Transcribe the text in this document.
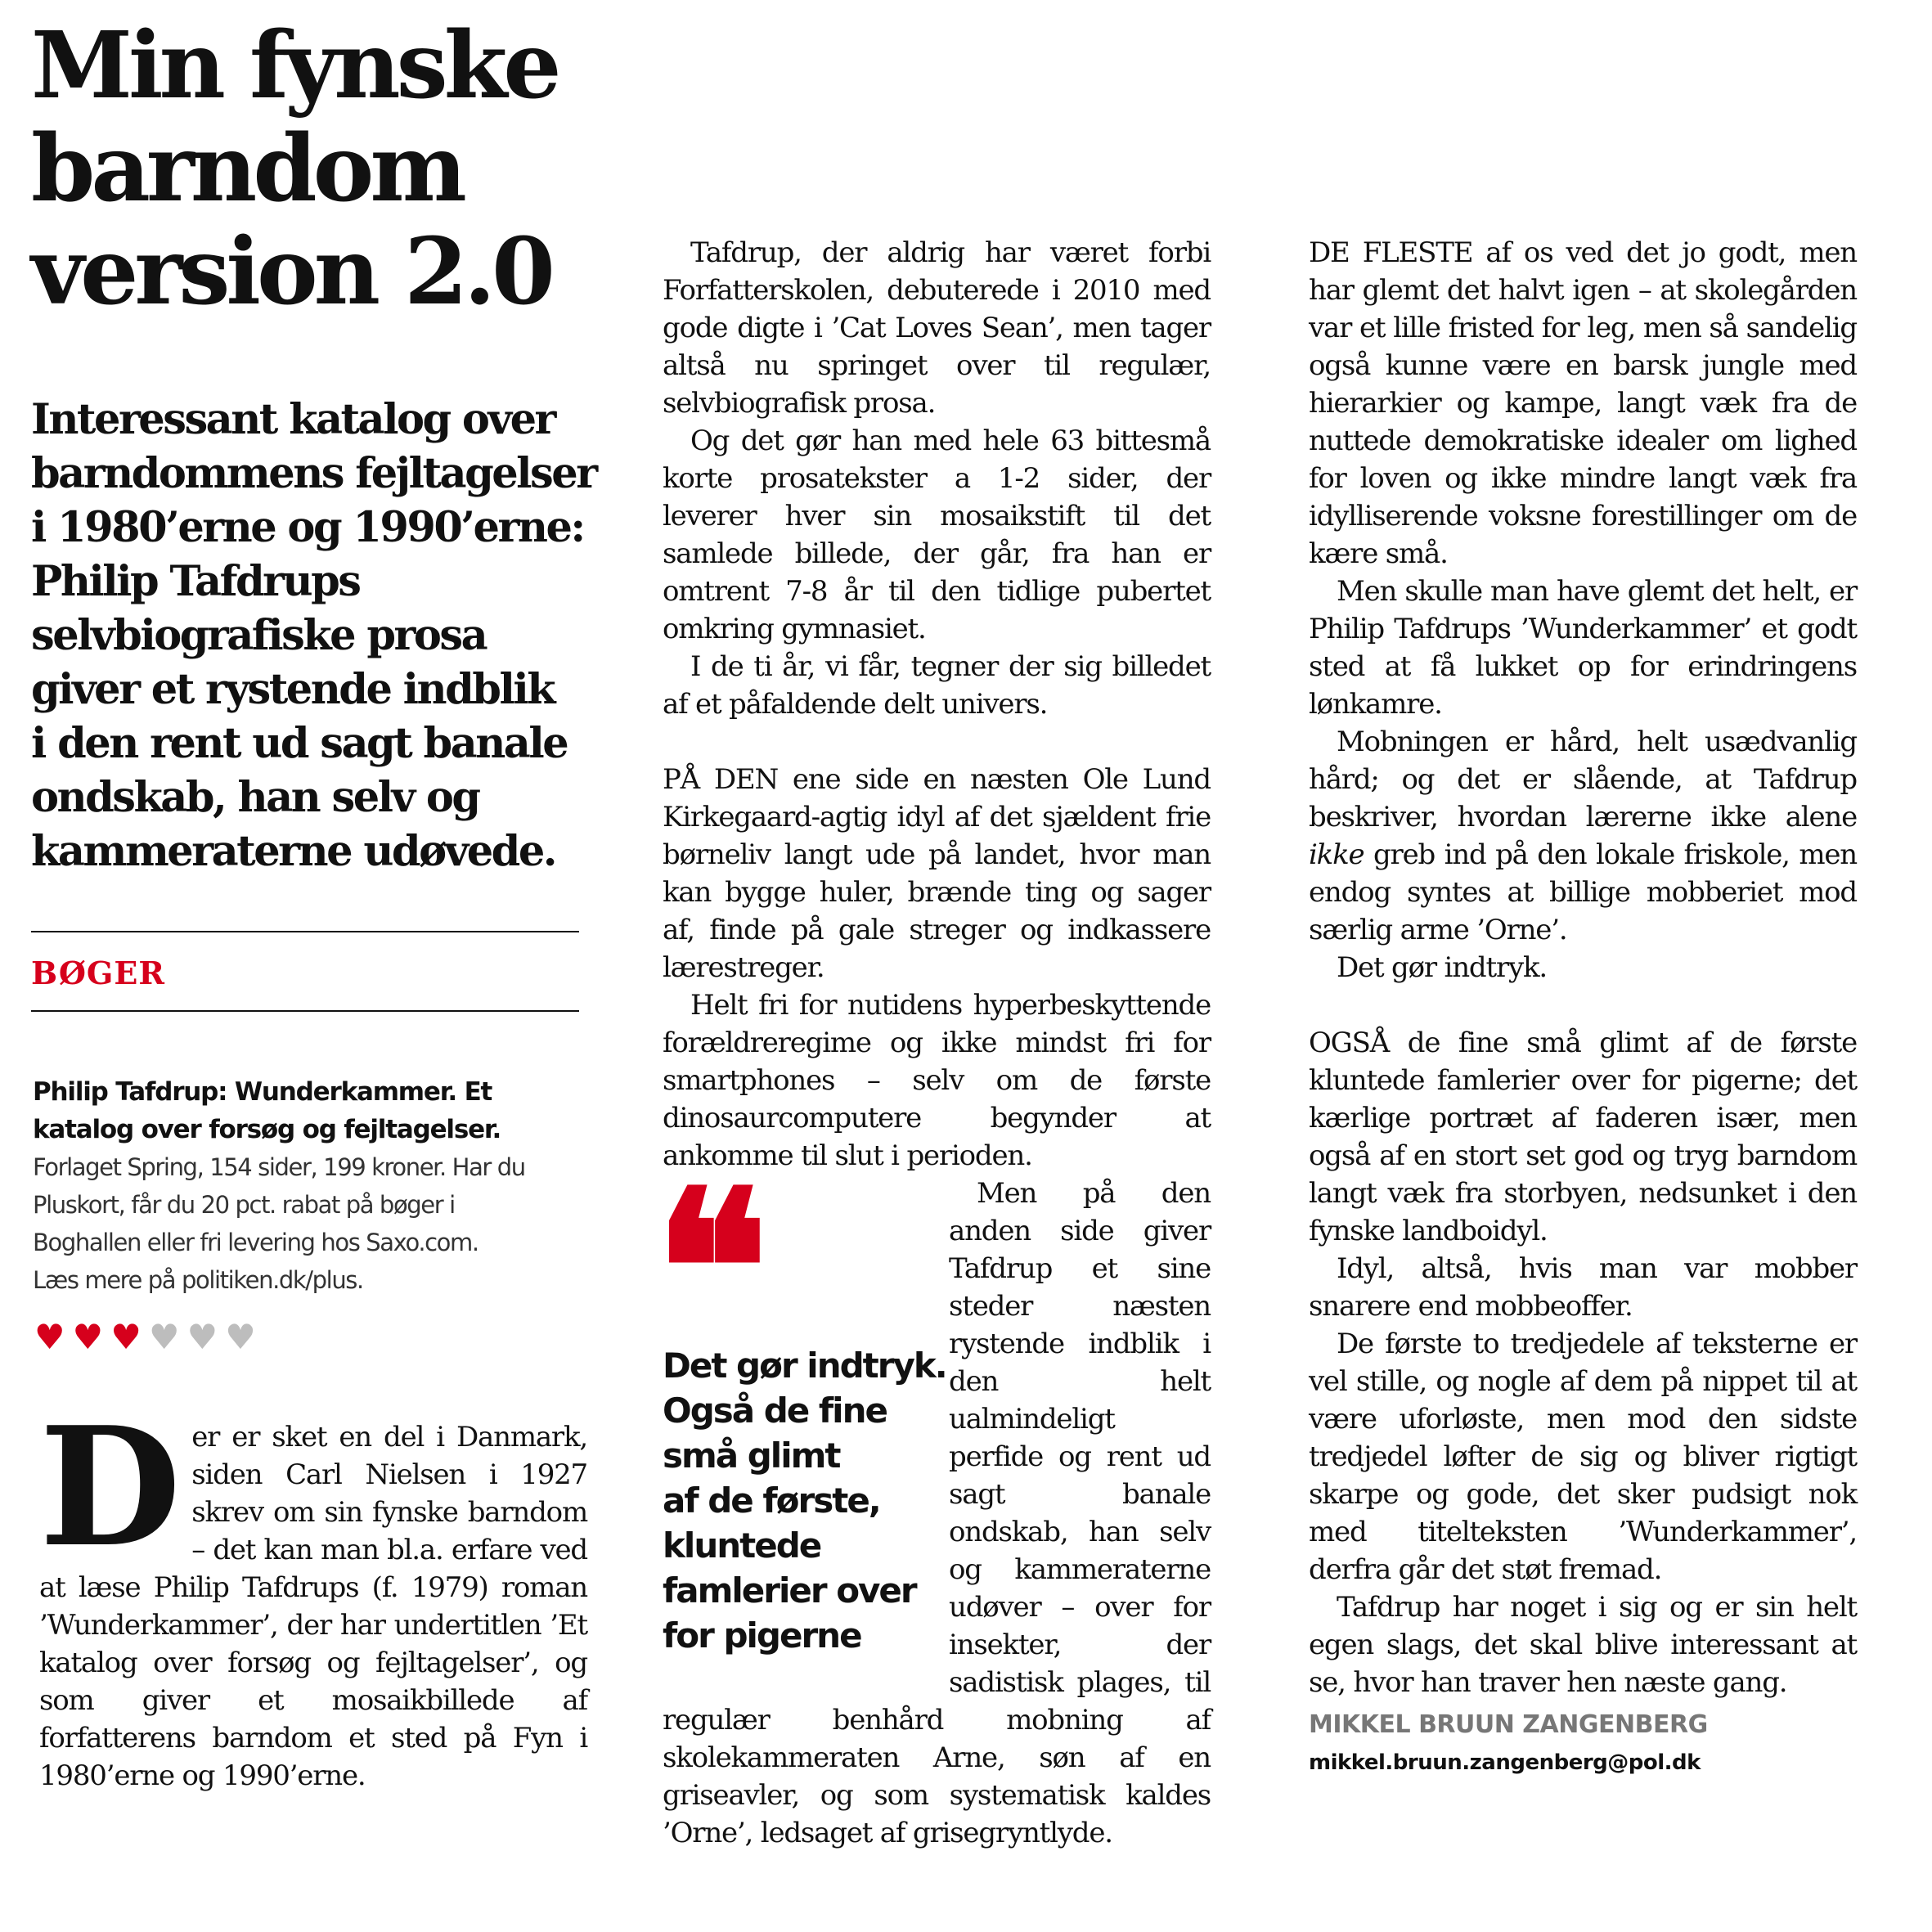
Min fynske
barndom
version 2.0
Interessant katalog over
barndommens fejltagelser
i 1980’erne og 1990’erne:
Philip Tafdrups
selvbiografiske prosa
giver et rystende indblik
i den rent ud sagt banale
ondskab, han selv og
kammeraterne udøvede.
BØGER
Philip Tafdrup: Wunderkammer. Et
katalog over forsøg og fejltagelser.
Forlaget Spring, 154 sider, 199 kroner. Har du
Pluskort, får du 20 pct. rabat på bøger i
Boghallen eller fri levering hos Saxo.com.
Læs mere på politiken.dk/plus.
♥ ♥ ♥ ♥ ♥ ♥
D er er sket en del i Danmark, siden Carl Nielsen i 1927 skrev om sin fynske barndom – det kan man bl.a. erfare ved at læse Philip Tafdrups (f. 1979) roman ’Wunderkammer’, der har undertitlen ’Et katalog over forsøg og fejltagelser’, og som giver et mosaikbillede af forfatterens barndom et sted på Fyn i 1980’erne og 1990’erne.

Tafdrup, der aldrig har været forbi Forfatterskolen, debuterede i 2010 med gode digte i ’Cat Loves Sean’, men tager altså nu springet over til regulær, selvbiografisk prosa.

Og det gør han med hele 63 bittesmå korte prosatekster a 1-2 sider, der leverer hver sin mosaikstift til det samlede billede, der går, fra han er omtrent 7-8 år til den tidlige pubertet omkring gymnasiet.

I de ti år, vi får, tegner der sig billedet af et påfaldende delt univers.

PÅ DEN ene side en næsten Ole Lund Kirkegaard-agtig idyl af det sjældent frie børneliv langt ude på landet, hvor man kan bygge huler, brænde ting og sager af, finde på gale streger og indkassere lærestreger.

Helt fri for nutidens hyperbeskyttende forældreregime og ikke mindst fri for smartphones – selv om de første dinosaurcomputere begynder at ankomme til slut i perioden.

❝
Det gør indtryk.
Også de fine
små glimt
af de første,
kluntede
famlerier over
for pigerne

Men på den anden side giver Tafdrup et sine steder næsten rystende indblik i den helt ualmindeligt perfide og rent ud sagt banale ondskab, han selv og kammeraterne udøver – over for insekter, der sadistisk plages, til regulær benhård mobning af skolekammeraten Arne, søn af en griseavler, og som systematisk kaldes ’Orne’, ledsaget af grisegryntlyde.

DE FLESTE af os ved det jo godt, men har glemt det halvt igen – at skolegården var et lille fristed for leg, men så sandelig også kunne være en barsk jungle med hierarkier og kampe, langt væk fra de nuttede demokratiske idealer om lighed for loven og ikke mindre langt væk fra idylliserende voksne forestillinger om de kære små.

Men skulle man have glemt det helt, er Philip Tafdrups ’Wunderkammer’ et godt sted at få lukket op for erindringens lønkamre.

Mobningen er hård, helt usædvanlig hård; og det er slående, at Tafdrup beskriver, hvordan lærerne ikke alene ikke greb ind på den lokale friskole, men endog syntes at billige mobberiet mod særlig arme ’Orne’.

Det gør indtryk.

OGSÅ de fine små glimt af de første kluntede famlerier over for pigerne; det kærlige portræt af faderen især, men også af en stort set god og tryg barndom langt væk fra storbyen, nedsunket i den fynske landboidyl.

Idyl, altså, hvis man var mobber snarere end mobbeoffer.

De første to tredjedele af teksterne er vel stille, og nogle af dem på nippet til at være uforløste, men mod den sidste tredjedel løfter de sig og bliver rigtigt skarpe og gode, det sker pudsigt nok med titelteksten ’Wunderkammer’, derfra går det støt fremad.

Tafdrup har noget i sig og er sin helt egen slags, det skal blive interessant at se, hvor han traver hen næste gang.

MIKKEL BRUUN ZANGENBERG
mikkel.bruun.zangenberg@pol.dk
